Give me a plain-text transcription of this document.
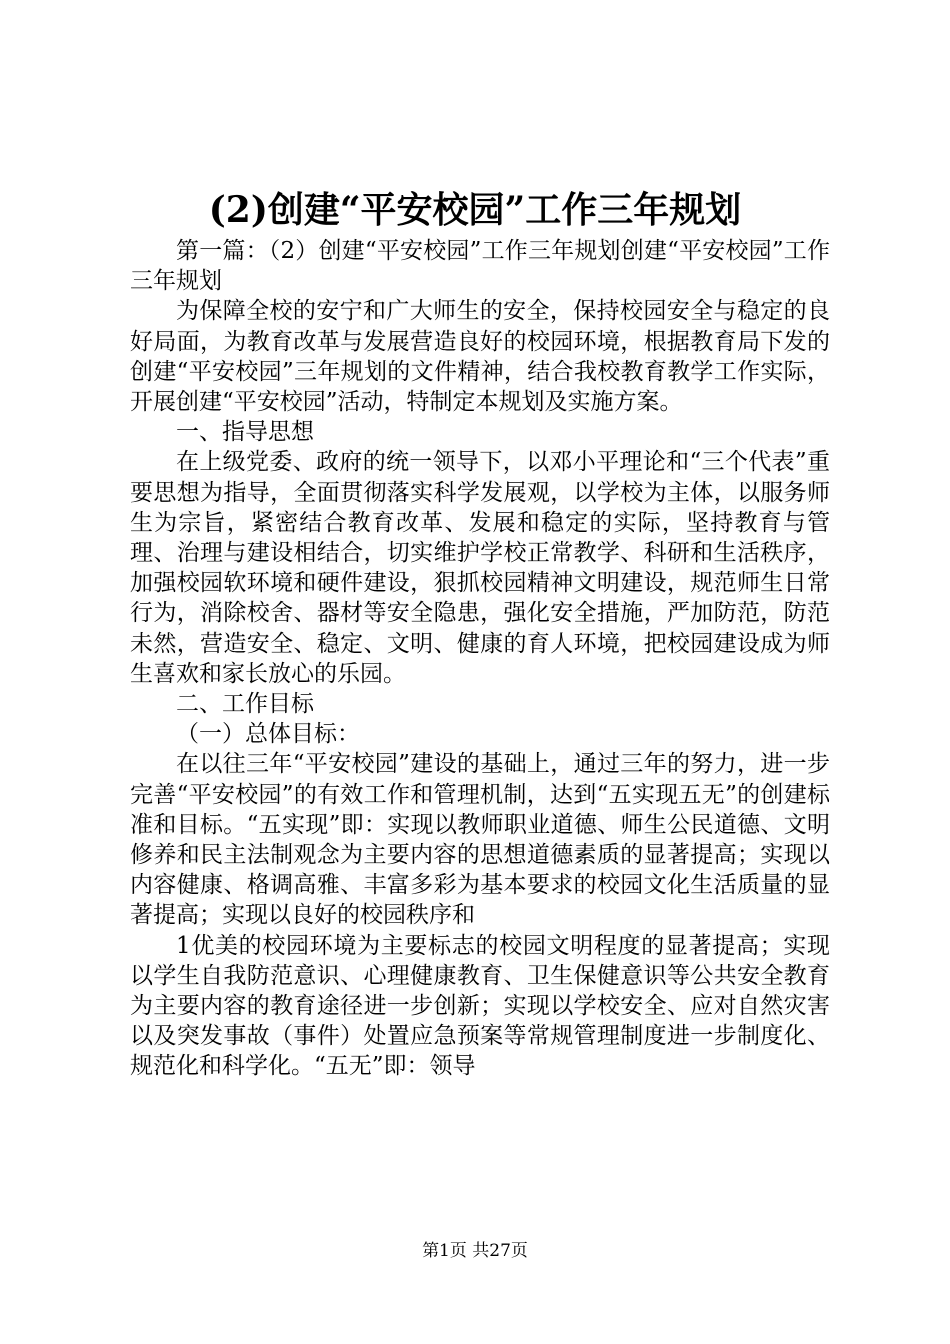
(2)创建“平安校园”工作三年规划

第一篇：（2）创建“平安校园”工作三年规划创建“平安校园”工作三年规划

为保障全校的安宁和广大师生的安全，保持校园安全与稳定的良好局面，为教育改革与发展营造良好的校园环境，根据教育局下发的创建“平安校园”三年规划的文件精神，结合我校教育教学工作实际，开展创建“平安校园”活动，特制定本规划及实施方案。

一、指导思想

在上级党委、政府的统一领导下，以邓小平理论和“三个代表”重要思想为指导，全面贯彻落实科学发展观，以学校为主体，以服务师生为宗旨，紧密结合教育改革、发展和稳定的实际，坚持教育与管理、治理与建设相结合，切实维护学校正常教学、科研和生活秩序，加强校园软环境和硬件建设，狠抓校园精神文明建设，规范师生日常行为，消除校舍、器材等安全隐患，强化安全措施，严加防范，防范未然，营造安全、稳定、文明、健康的育人环境，把校园建设成为师生喜欢和家长放心的乐园。

二、工作目标

（一）总体目标：

在以往三年“平安校园”建设的基础上，通过三年的努力，进一步完善“平安校园”的有效工作和管理机制，达到“五实现五无”的创建标准和目标。“五实现”即：实现以教师职业道德、师生公民道德、文明修养和民主法制观念为主要内容的思想道德素质的显著提高；实现以内容健康、格调高雅、丰富多彩为基本要求的校园文化生活质量的显著提高；实现以良好的校园秩序和

1优美的校园环境为主要标志的校园文明程度的显著提高；实现以学生自我防范意识、心理健康教育、卫生保健意识等公共安全教育为主要内容的教育途径进一步创新；实现以学校安全、应对自然灾害以及突发事故（事件）处置应急预案等常规管理制度进一步制度化、规范化和科学化。“五无”即：领导

第1页 共27页
